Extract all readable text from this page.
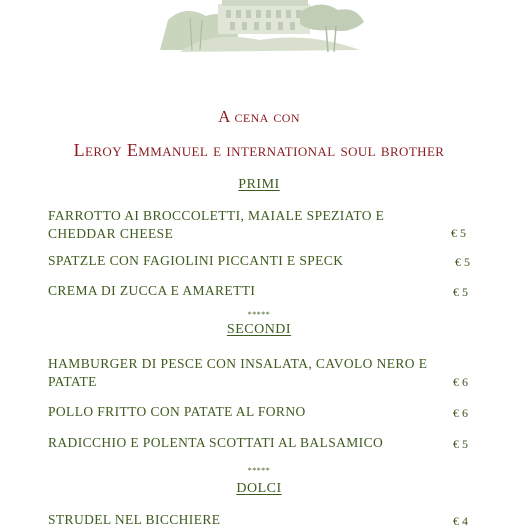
A cena con
Leroy Emmanuel e international soul brother
PRIMI
FARROTTO AI BROCCOLETTI, MAIALE SPEZIATO E CHEDDAR CHEESE	€ 5
SPATZLE CON FAGIOLINI PICCANTI E SPECK	€ 5
CREMA DI ZUCCA E AMARETTI	€ 5
*****
SECONDI
HAMBURGER DI PESCE CON INSALATA, CAVOLO NERO E PATATE	€ 6
POLLO FRITTO CON PATATE AL FORNO	€ 6
RADICCHIO E POLENTA SCOTTATI AL BALSAMICO	€ 5
*****
DOLCI
STRUDEL NEL BICCHIERE	€ 4
